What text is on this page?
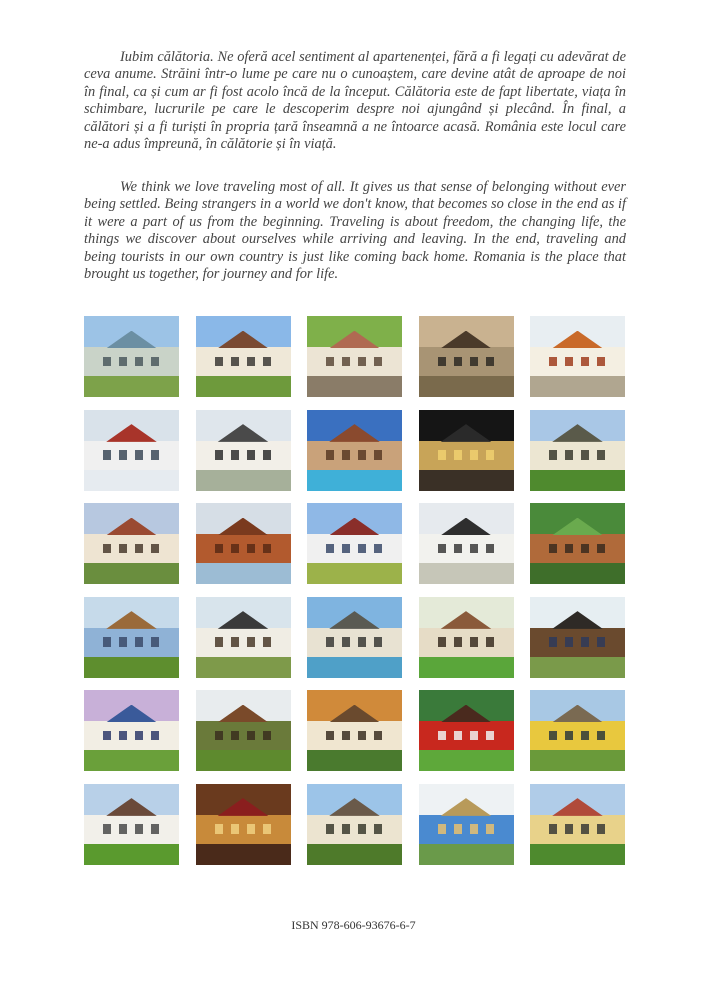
Iubim călătoria. Ne oferă acel sentiment al apartenenței, fără a fi legați cu adevărat de ceva anume. Străini într-o lume pe care nu o cunoaștem, care devine atât de aproape de noi în final, ca și cum ar fi fost acolo încă de la început. Călătoria este de fapt libertate, viața în schimbare, lucrurile pe care le descoperim despre noi ajungând și plecând. În final, a călători și a fi turiști în propria țară înseamnă a ne întoarce acasă. România este locul care ne-a adus împreună, în călătorie și în viață.

We think we love traveling most of all. It gives us that sense of belonging without ever being settled. Being strangers in a world we don't know, that becomes so close in the end as if it were a part of us from the beginning. Traveling is about freedom, the changing life, the things we discover about ourselves while arriving and leaving. In the end, traveling and being tourists in our own country is just like coming back home. Romania is the place that brought us together, for journey and for life.

ISBN 978-606-93676-6-7
